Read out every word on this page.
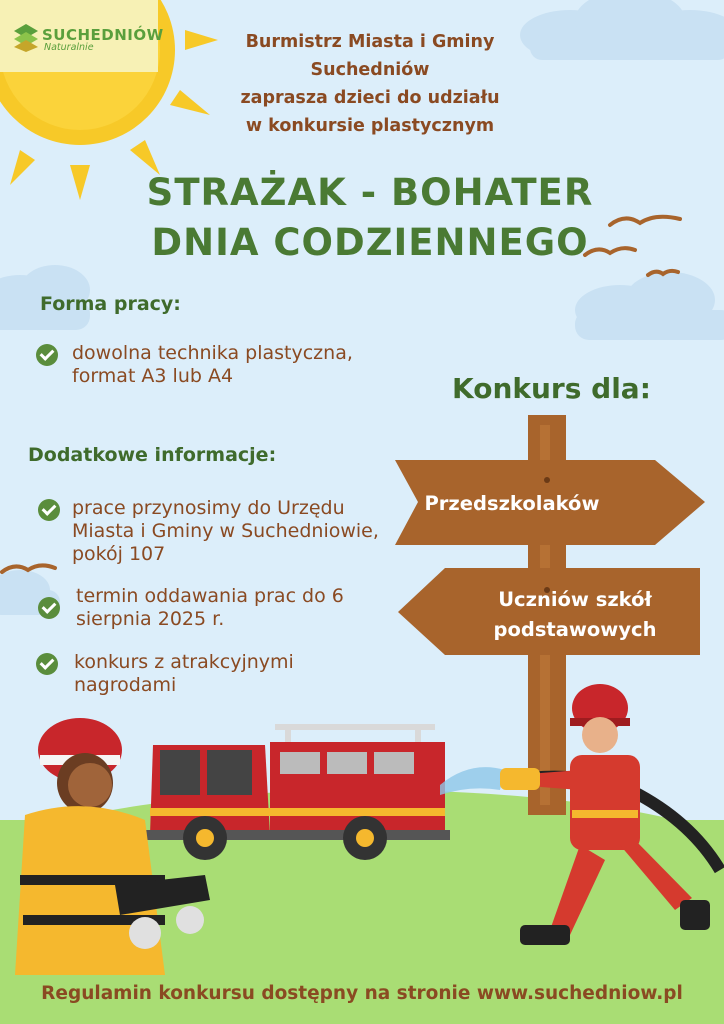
SUCHEDNIÓW
Naturalnie	Burmistrz Miasta i Gminy
Suchedniów
zaprasza dzieci do udziału
w konkursie plastycznym
STRAŻAK - BOHATER
DNIA CODZIENNEGO
Forma pracy:
dowolna technika plastyczna, format A3 lub A4
Dodatkowe informacje:
prace przynosimy do Urzędu Miasta i Gminy w Suchedniowie, pokój 107
termin oddawania prac do 6 sierpnia 2025 r.
konkurs z atrakcyjnymi nagrodami
Konkurs dla:
Przedszkolaków
Uczniów szkół
podstawowych
Regulamin konkursu dostępny na stronie www.suchedniow.pl
